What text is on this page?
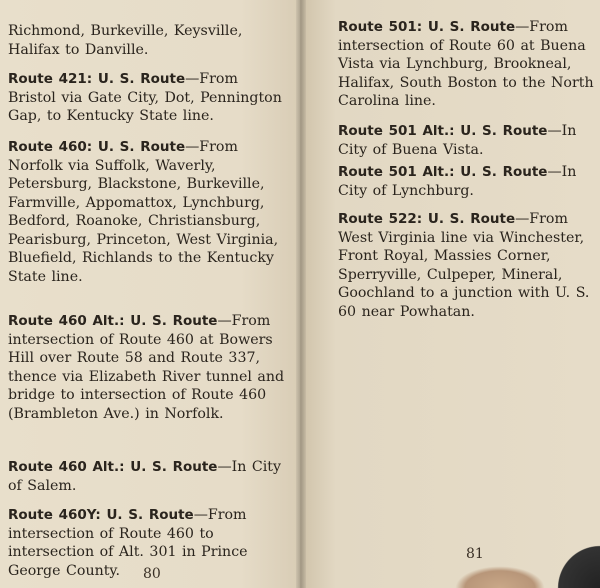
Richmond, Burkeville, Keysville, Halifax to Danville.

Route 421: U. S. Route—From Bristol via Gate City, Dot, Pennington Gap, to Kentucky State line.

Route 460: U. S. Route—From Norfolk via Suffolk, Waverly, Petersburg, Blackstone, Burkeville, Farmville, Appomattox, Lynchburg, Bedford, Roanoke, Christiansburg, Pearisburg, Princeton, West Virginia, Bluefield, Richlands to the Kentucky State line.

Route 460 Alt.: U. S. Route—From intersection of Route 460 at Bowers Hill over Route 58 and Route 337, thence via Elizabeth River tunnel and bridge to intersection of Route 460 (Brambleton Ave.) in Norfolk.

Route 460 Alt.: U. S. Route—In City of Salem.

Route 460Y: U. S. Route—From intersection of Route 460 to intersection of Alt. 301 in Prince George County.	80

Route 501: U. S. Route—From intersection of Route 60 at Buena Vista via Lynchburg, Brookneal, Halifax, South Boston to the North Carolina line.

Route 501 Alt.: U. S. Route—In City of Buena Vista.

Route 501 Alt.: U. S. Route—In City of Lynchburg.

Route 522: U. S. Route—From West Virginia line via Winchester, Front Royal, Massies Corner, Sperryville, Culpeper, Mineral, Goochland to a junction with U. S. 60 near Powhatan.

81
